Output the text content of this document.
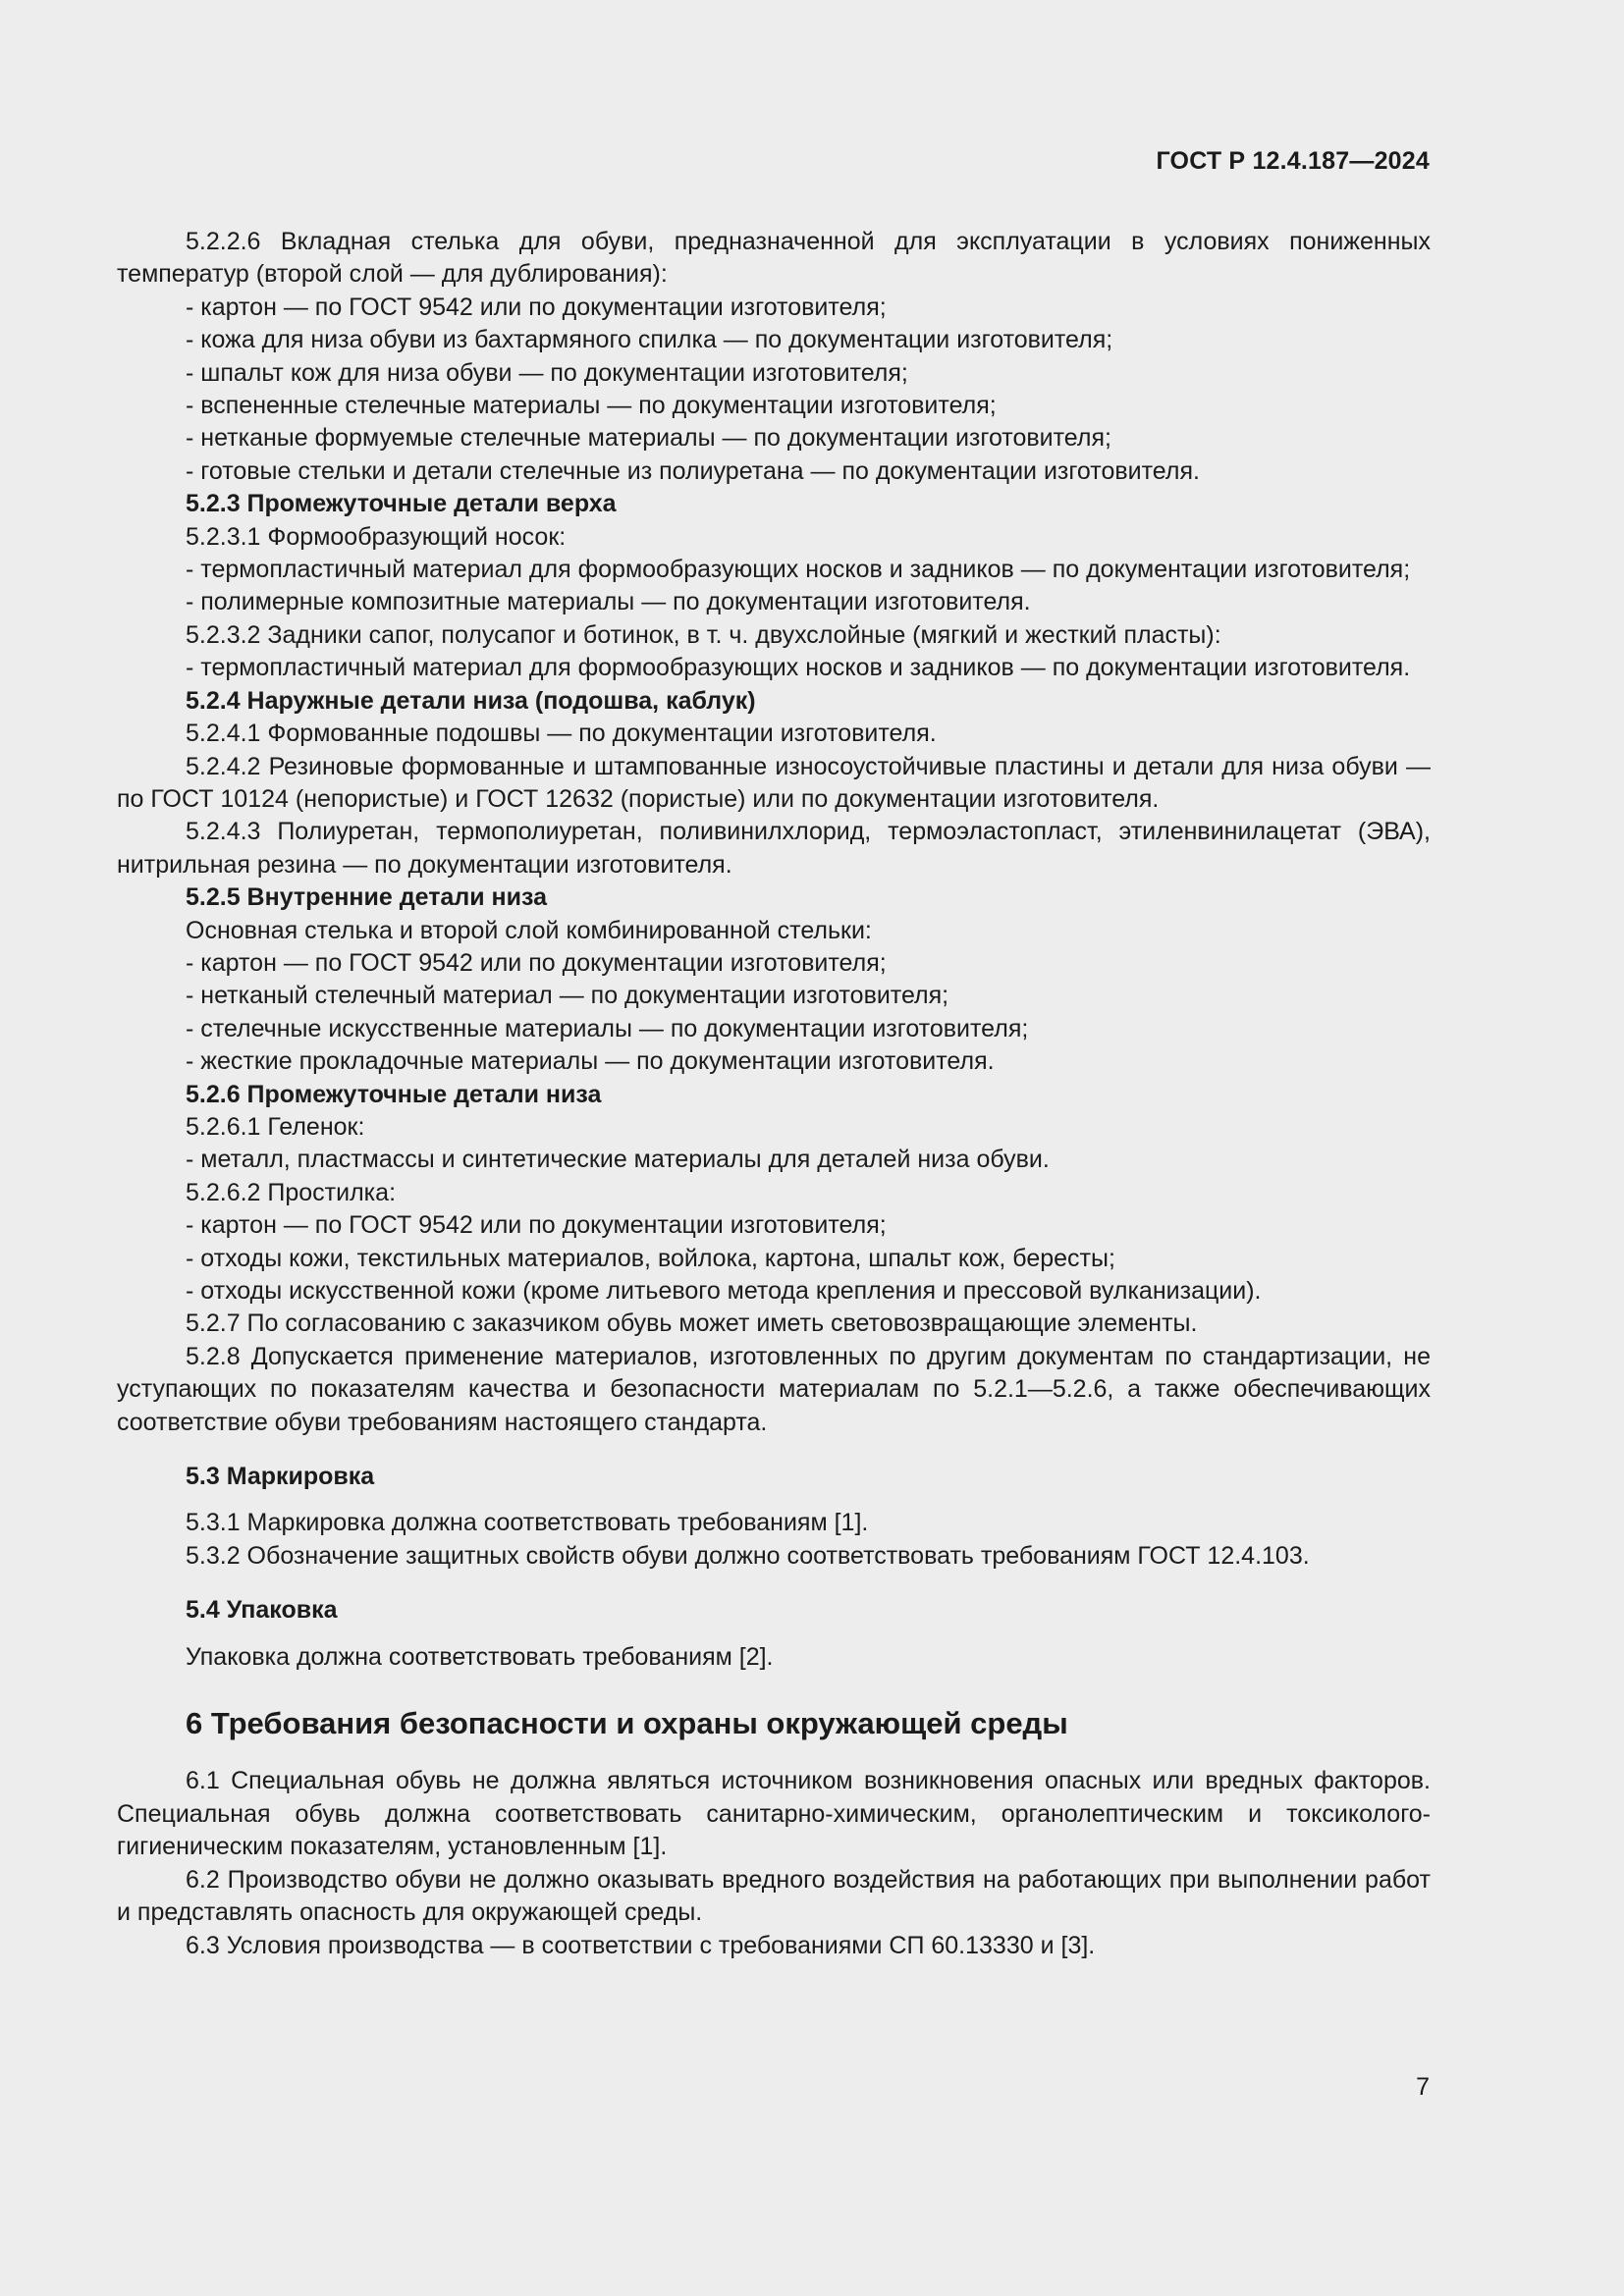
ГОСТ Р 12.4.187—2024

5.2.2.6 Вкладная стелька для обуви, предназначенной для эксплуатации в условиях пониженных температур (второй слой — для дублирования):

- картон — по ГОСТ 9542 или по документации изготовителя;

- кожа для низа обуви из бахтармяного спилка — по документации изготовителя;

- шпальт кож для низа обуви — по документации изготовителя;

- вспененные стелечные материалы — по документации изготовителя;

- нетканые формуемые стелечные материалы — по документации изготовителя;

- готовые стельки и детали стелечные из полиуретана — по документации изготовителя.

5.2.3 Промежуточные детали верха

5.2.3.1 Формообразующий носок:

- термопластичный материал для формообразующих носков и задников — по документации изготовителя;

- полимерные композитные материалы — по документации изготовителя.

5.2.3.2 Задники сапог, полусапог и ботинок, в т. ч. двухслойные (мягкий и жесткий пласты):

- термопластичный материал для формообразующих носков и задников — по документации изготовителя.

5.2.4 Наружные детали низа (подошва, каблук)

5.2.4.1 Формованные подошвы — по документации изготовителя.

5.2.4.2 Резиновые формованные и штампованные износоустойчивые пластины и детали для низа обуви — по ГОСТ 10124 (непористые) и ГОСТ 12632 (пористые) или по документации изготовителя.

5.2.4.3 Полиуретан, термополиуретан, поливинилхлорид, термоэластопласт, этиленвинилацетат (ЭВА), нитрильная резина — по документации изготовителя.

5.2.5 Внутренние детали низа

Основная стелька и второй слой комбинированной стельки:

- картон — по ГОСТ 9542 или по документации изготовителя;

- нетканый стелечный материал — по документации изготовителя;

- стелечные искусственные материалы — по документации изготовителя;

- жесткие прокладочные материалы — по документации изготовителя.

5.2.6 Промежуточные детали низа

5.2.6.1 Геленок:

- металл, пластмассы и синтетические материалы для деталей низа обуви.

5.2.6.2 Простилка:

- картон — по ГОСТ 9542 или по документации изготовителя;

- отходы кожи, текстильных материалов, войлока, картона, шпальт кож, бересты;

- отходы искусственной кожи (кроме литьевого метода крепления и прессовой вулканизации).

5.2.7 По согласованию с заказчиком обувь может иметь световозвращающие элементы.

5.2.8 Допускается применение материалов, изготовленных по другим документам по стандартизации, не уступающих по показателям качества и безопасности материалам по 5.2.1—5.2.6, а также обеспечивающих соответствие обуви требованиям настоящего стандарта.

5.3 Маркировка

5.3.1 Маркировка должна соответствовать требованиям [1].

5.3.2 Обозначение защитных свойств обуви должно соответствовать требованиям ГОСТ 12.4.103.

5.4 Упаковка

Упаковка должна соответствовать требованиям [2].

6 Требования безопасности и охраны окружающей среды

6.1 Специальная обувь не должна являться источником возникновения опасных или вредных факторов. Специальная обувь должна соответствовать санитарно-химическим, органолептическим и токсиколого-гигиеническим показателям, установленным [1].

6.2 Производство обуви не должно оказывать вредного воздействия на работающих при выполнении работ и представлять опасность для окружающей среды.

6.3 Условия производства — в соответствии с требованиями СП 60.13330 и [3].

7
